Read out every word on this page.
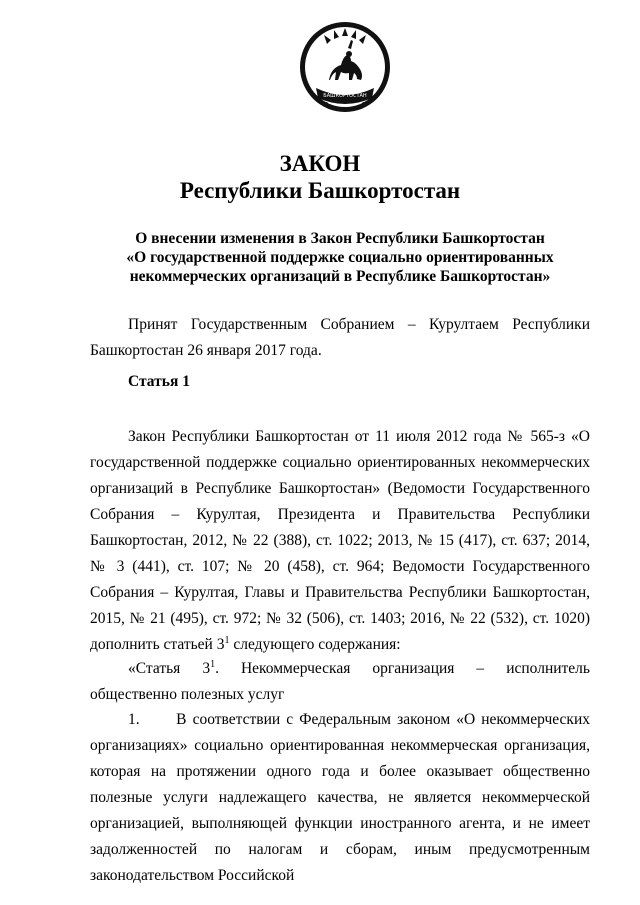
БАШКОРТОСТАН
ЗАКОН
Республики Башкортостан
О внесении изменения в Закон Республики Башкортостан
«О государственной поддержке социально ориентированных
некоммерческих организаций в Республике Башкортостан»
Принят Государственным Собранием – Курултаем Республики Башкортостан 26 января 2017 года.
Статья 1
Закон Республики Башкортостан от 11 июля 2012 года № 565-з «О государственной поддержке социально ориентированных некоммерческих организаций в Республике Башкортостан» (Ведомости Государственного Собрания – Курултая, Президента и Правительства Республики Башкортостан, 2012, № 22 (388), ст. 1022; 2013, № 15 (417), ст. 637; 2014, № 3 (441), ст. 107; № 20 (458), ст. 964; Ведомости Государственного Собрания – Курултая, Главы и Правительства Республики Башкортостан, 2015, № 21 (495), ст. 972; № 32 (506), ст. 1403; 2016, № 22 (532), ст. 1020) дополнить статьей $3^1$ следующего содержания:
«Статья $3^1$. Некоммерческая организация – исполнитель общественно полезных услуг
1.      В соответствии с Федеральным законом «О некоммерческих организациях» социально ориентированная некоммерческая организация, которая на протяжении одного года и более оказывает общественно полезные услуги надлежащего качества, не является некоммерческой организацией, выполняющей функции иностранного агента, и не имеет задолженностей по налогам и сборам, иным предусмотренным законодательством Российской
